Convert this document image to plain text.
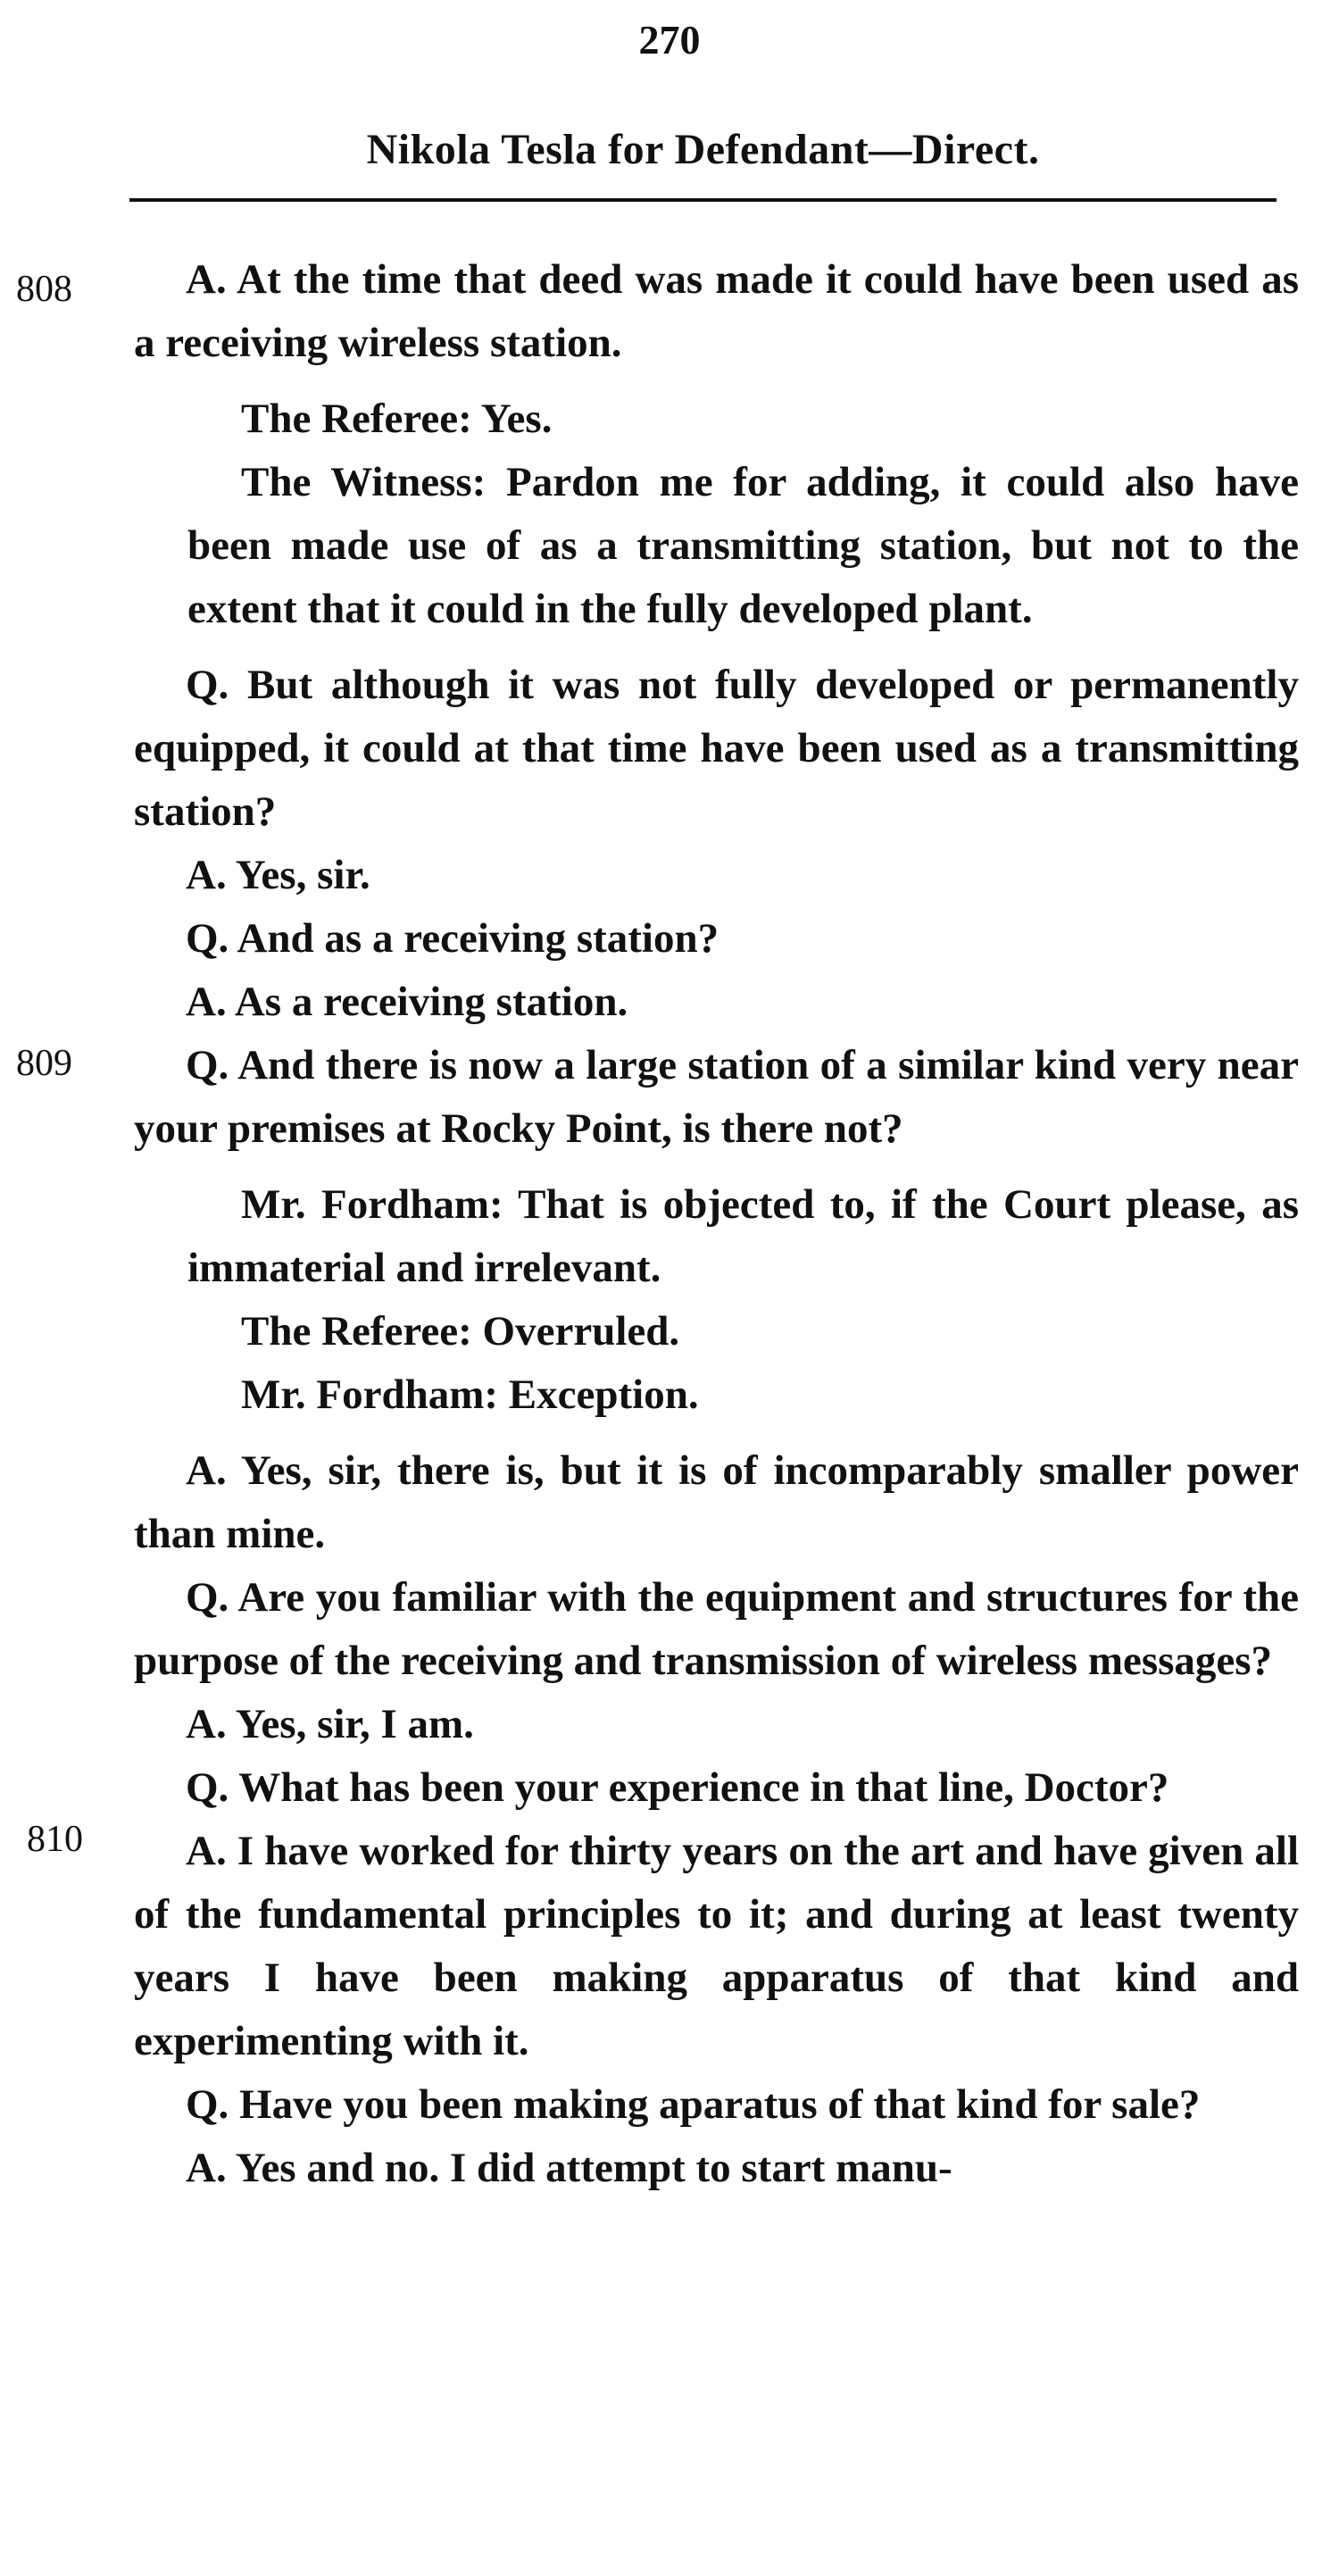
270
Nikola Tesla for Defendant—Direct.
808
809
810

A. At the time that deed was made it could have been used as a receiving wireless station.

The Referee: Yes.

The Witness: Pardon me for adding, it could also have been made use of as a transmitting station, but not to the extent that it could in the fully developed plant.

Q. But although it was not fully developed or permanently equipped, it could at that time have been used as a transmitting station?

A. Yes, sir.

Q. And as a receiving station?

A. As a receiving station.

Q. And there is now a large station of a similar kind very near your premises at Rocky Point, is there not?

Mr. Fordham: That is objected to, if the Court please, as immaterial and irrelevant.

The Referee: Overruled.

Mr. Fordham: Exception.

A. Yes, sir, there is, but it is of incomparably smaller power than mine.

Q. Are you familiar with the equipment and structures for the purpose of the receiving and transmission of wireless messages?

A. Yes, sir, I am.

Q. What has been your experience in that line, Doctor?

A. I have worked for thirty years on the art and have given all of the fundamental principles to it; and during at least twenty years I have been making apparatus of that kind and experimenting with it.

Q. Have you been making aparatus of that kind for sale?

A. Yes and no. I did attempt to start manu-
